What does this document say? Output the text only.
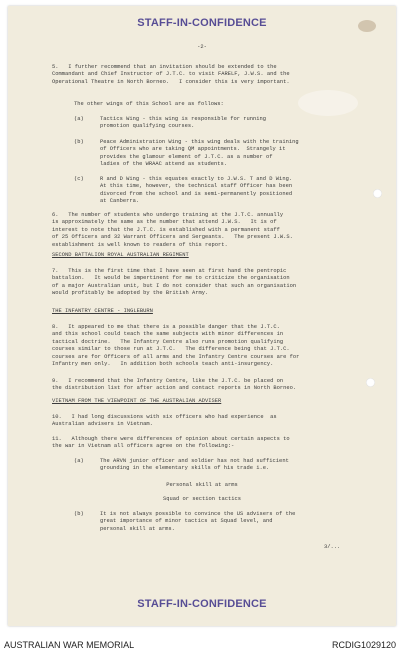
STAFF-IN-CONFIDENCE
-2-
5.   I further recommend that an invitation should be extended to the
Commandant and Chief Instructor of J.T.C. to visit FARELF, J.W.S. and the
Operational Theatre in North Borneo.   I consider this is very important.
The other wings of this School are as follows:
(a)     Tactics Wing - this wing is responsible for running
promotion qualifying courses.
(b)     Peace Administration Wing - this wing deals with the training
of Officers who are taking QM appointments.  Strangely it
provides the glamour element of J.T.C. as a number of
ladies of the WRAAC attend as students.
(c)     R and D Wing - this equates exactly to J.W.S. T and D Wing.
At this time, however, the technical staff Officer has been
divorced from the school and is semi-permanently positioned
at Canberra.
6.   The number of students who undergo training at the J.T.C. annually
is approximately the same as the number that attend J.W.S.   It is of
interest to note that the J.T.C. is established with a permanent staff
of 25 Officers and 32 Warrant Officers and Sergeants.   The present J.W.S.
establishment is well known to readers of this report.
SECOND BATTALION ROYAL AUSTRALIAN REGIMENT
7.   This is the first time that I have seen at first hand the pentropic
battalion.   It would be impertinent for me to criticize the organisation
of a major Australian unit, but I do not consider that such an organisation
would profitably be adopted by the British Army.
THE INFANTRY CENTRE - INGLEBURN
8.   It appeared to me that there is a possible danger that the J.T.C.
and this school could teach the same subjects with minor differences in
tactical doctrine.   The Infantry Centre also runs promotion qualifying
courses similar to those run at J.T.C.   The difference being that J.T.C.
courses are for Officers of all arms and the Infantry Centre courses are for
Infantry men only.   In addition both schools teach anti-insurgency.
9.   I recommend that the Infantry Centre, like the J.T.C. be placed on
the distribution list for after action and contact reports in North Borneo.
VIETNAM FROM THE VIEWPOINT OF THE AUSTRALIAN ADVISER
10.   I had long discussions with six officers who had experience  as
Australian advisers in Vietnam.
11.   Although there were differences of opinion about certain aspects to
the war in Vietnam all officers agree on the following:-
(a)     The ARVN junior officer and soldier has not had sufficient
grounding in the elementary skills of his trade i.e.
Personal skill at arms
Squad or section tactics
(b)     It is not always possible to convince the US advisers of the
great importance of minor tactics at Squad level, and
personal skill at arms.
3/...
STAFF-IN-CONFIDENCE
AUSTRALIAN WAR MEMORIAL	RCDIG1029120
